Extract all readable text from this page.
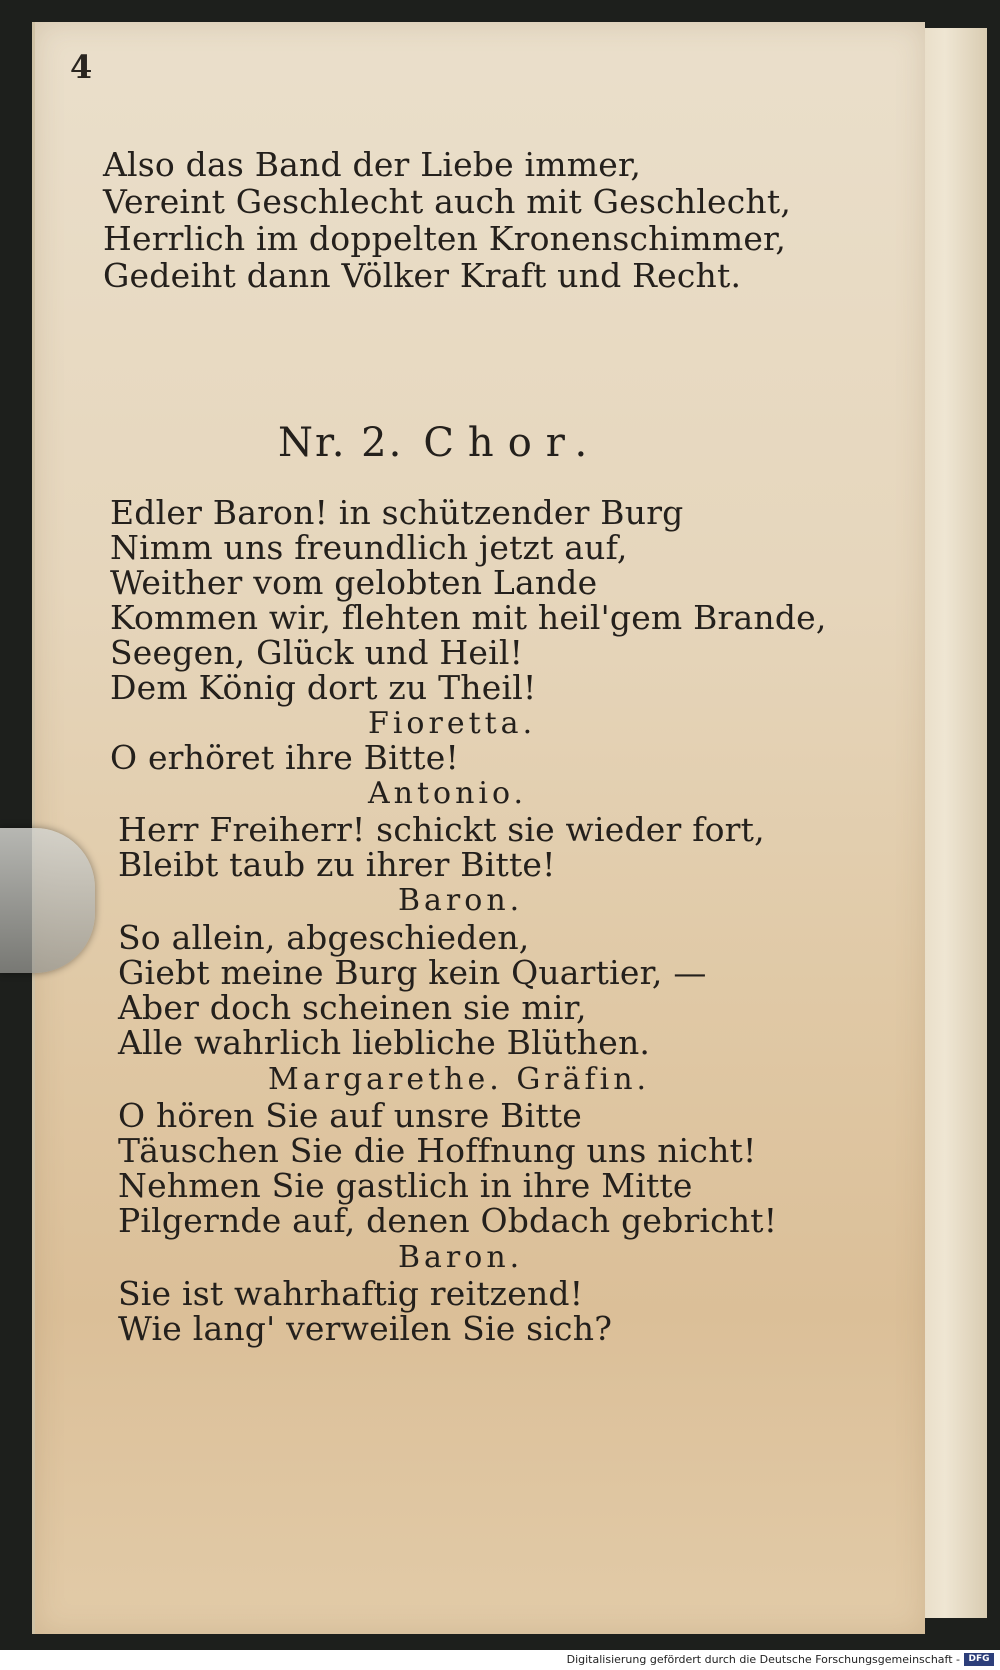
4
Also das Band der Liebe immer,
Vereint Geschlecht auch mit Geschlecht,
Herrlich im doppelten Kronenschimmer,
Gedeiht dann Völker Kraft und Recht.
Nr. 2. Chor.
Edler Baron! in schützender Burg
Nimm uns freundlich jetzt auf,
Weither vom gelobten Lande
Kommen wir, flehten mit heil'gem Brande,
Seegen, Glück und Heil!
Dem König dort zu Theil!
Fioretta.
O erhöret ihre Bitte!
Antonio.
Herr Freiherr! schickt sie wieder fort,
Bleibt taub zu ihrer Bitte!
Baron.
So allein, abgeschieden,
Giebt meine Burg kein Quartier, —
Aber doch scheinen sie mir,
Alle wahrlich liebliche Blüthen.
Margarethe. Gräfin.
O hören Sie auf unsre Bitte
Täuschen Sie die Hoffnung uns nicht!
Nehmen Sie gastlich in ihre Mitte
Pilgernde auf, denen Obdach gebricht!
Baron.
Sie ist wahrhaftig reitzend!
Wie lang' verweilen Sie sich?
Digitalisierung gefördert durch die Deutsche Forschungsgemeinschaft - DFG
